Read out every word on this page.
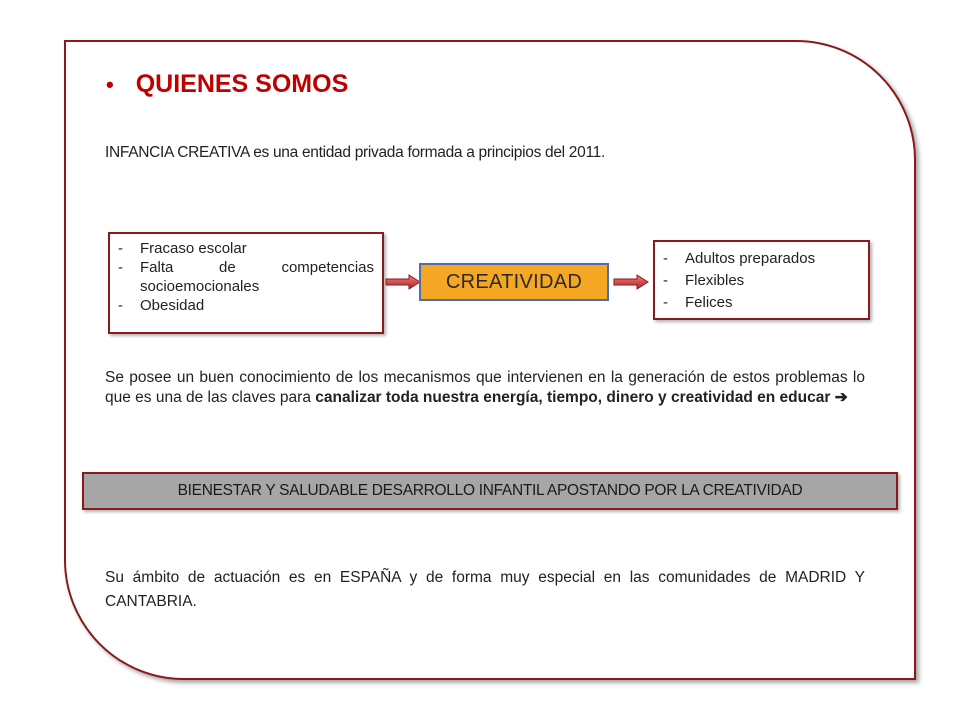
• QUIENES SOMOS
INFANCIA CREATIVA es una entidad privada formada a principios del 2011.
-	Fracaso escolar
-	Falta de competencias socioemocionales
-	Obesidad
CREATIVIDAD
-	Adultos preparados
-	Flexibles
-	Felices
Se posee un buen conocimiento de los mecanismos que intervienen en la generación de estos problemas lo que es una de las claves para canalizar toda nuestra energía, tiempo, dinero y creatividad en educar ➔
BIENESTAR Y SALUDABLE DESARROLLO INFANTIL APOSTANDO POR LA CREATIVIDAD
Su ámbito de actuación es en ESPAÑA y de forma muy especial en las comunidades de MADRID Y CANTABRIA.
